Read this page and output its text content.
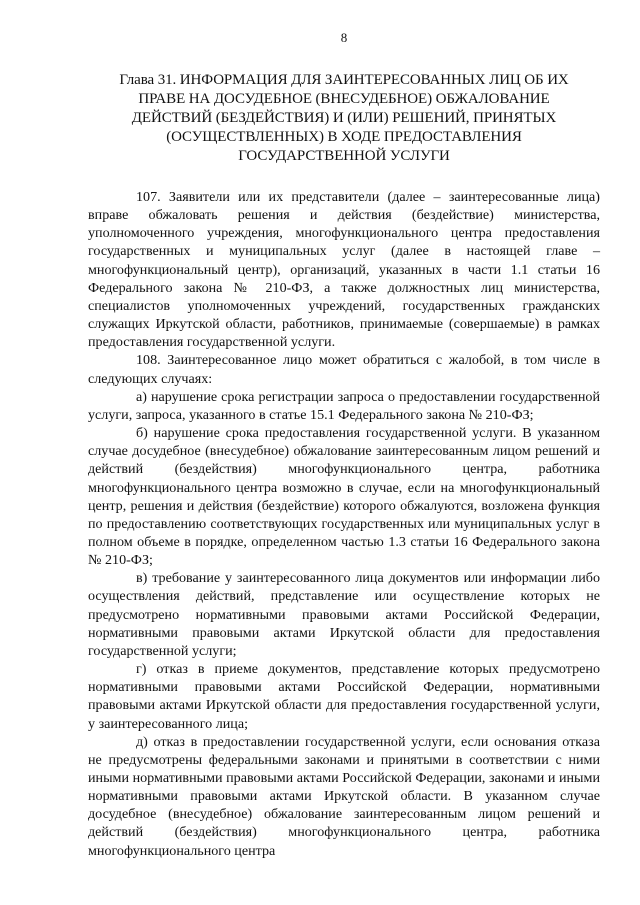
8
Глава 31. ИНФОРМАЦИЯ ДЛЯ ЗАИНТЕРЕСОВАННЫХ ЛИЦ ОБ ИХ
ПРАВЕ НА ДОСУДЕБНОЕ (ВНЕСУДЕБНОЕ) ОБЖАЛОВАНИЕ
ДЕЙСТВИЙ (БЕЗДЕЙСТВИЯ) И (ИЛИ) РЕШЕНИЙ, ПРИНЯТЫХ
(ОСУЩЕСТВЛЕННЫХ) В ХОДЕ ПРЕДОСТАВЛЕНИЯ
ГОСУДАРСТВЕННОЙ УСЛУГИ

107. Заявители или их представители (далее – заинтересованные лица) вправе обжаловать решения и действия (бездействие) министерства, уполномоченного учреждения, многофункционального центра предоставления государственных и муниципальных услуг (далее в настоящей главе – многофункциональный центр), организаций, указанных в части 1.1 статьи 16 Федерального закона № 210-ФЗ, а также должностных лиц министерства, специалистов уполномоченных учреждений, государственных гражданских служащих Иркутской области, работников, принимаемые (совершаемые) в рамках предоставления государственной услуги.

108. Заинтересованное лицо может обратиться с жалобой, в том числе в следующих случаях:

а) нарушение срока регистрации запроса о предоставлении государственной услуги, запроса, указанного в статье 15.1 Федерального закона № 210-ФЗ;

б) нарушение срока предоставления государственной услуги. В указанном случае досудебное (внесудебное) обжалование заинтересованным лицом решений и действий (бездействия) многофункционального центра, работника многофункционального центра возможно в случае, если на многофункциональный центр, решения и действия (бездействие) которого обжалуются, возложена функция по предоставлению соответствующих государственных или муниципальных услуг в полном объеме в порядке, определенном частью 1.3 статьи 16 Федерального закона № 210-ФЗ;

в) требование у заинтересованного лица документов или информации либо осуществления действий, представление или осуществление которых не предусмотрено нормативными правовыми актами Российской Федерации, нормативными правовыми актами Иркутской области для предоставления государственной услуги;

г) отказ в приеме документов, представление которых предусмотрено нормативными правовыми актами Российской Федерации, нормативными правовыми актами Иркутской области для предоставления государственной услуги, у заинтересованного лица;

д) отказ в предоставлении государственной услуги, если основания отказа не предусмотрены федеральными законами и принятыми в соответствии с ними иными нормативными правовыми актами Российской Федерации, законами и иными нормативными правовыми актами Иркутской области. В указанном случае досудебное (внесудебное) обжалование заинтересованным лицом решений и действий (бездействия) многофункционального центра, работника многофункционального центра
